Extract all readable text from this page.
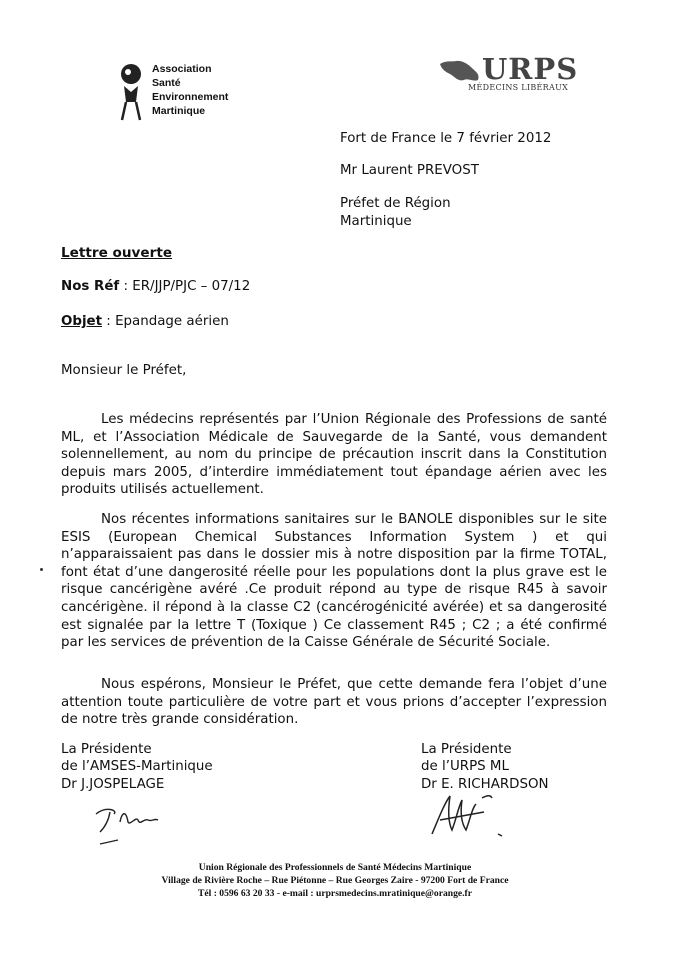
Association
Santé
Environnement
Martinique
URPS
MÉDECINS LIBÉRAUX
Fort de France le 7 février 2012
Mr Laurent PREVOST
Préfet de Région
Martinique
Lettre ouverte
Nos Réf : ER/JJP/PJC – 07/12
Objet : Epandage aérien
Monsieur le Préfet,
Les médecins représentés par l’Union Régionale des Professions de santé ML, et l’Association Médicale de Sauvegarde de la Santé, vous demandent solennellement, au nom du principe de précaution inscrit dans la Constitution depuis mars 2005, d’interdire immédiatement tout épandage aérien avec les produits utilisés actuellement.
Nos récentes informations sanitaires sur le BANOLE disponibles sur le site ESIS (European Chemical Substances Information System ) et qui n’apparaissaient pas dans le dossier mis à notre disposition par la firme TOTAL, font état d’une dangerosité réelle pour les populations dont la plus grave est le risque cancérigène avéré .Ce produit répond au type de risque R45 à savoir cancérigène. il répond à la classe C2 (cancérogénicité avérée) et sa dangerosité est signalée par la lettre T (Toxique ) Ce classement R45 ; C2 ; a été confirmé par les services de prévention de la Caisse Générale de Sécurité Sociale.
Nous espérons, Monsieur le Préfet, que cette demande fera l’objet d’une attention toute particulière de votre part et vous prions d’accepter l’expression de notre très grande considération.
La Présidente
de l’AMSES-Martinique
Dr J.JOSPELAGE
La Présidente
de l’URPS ML
Dr E. RICHARDSON
Union Régionale des Professionnels de Santé Médecins Martinique
Village de Rivière Roche – Rue Piétonne – Rue Georges Zaire - 97200 Fort de France
Tél : 0596 63 20 33 - e-mail : urprsmedecins.mratinique@orange.fr
